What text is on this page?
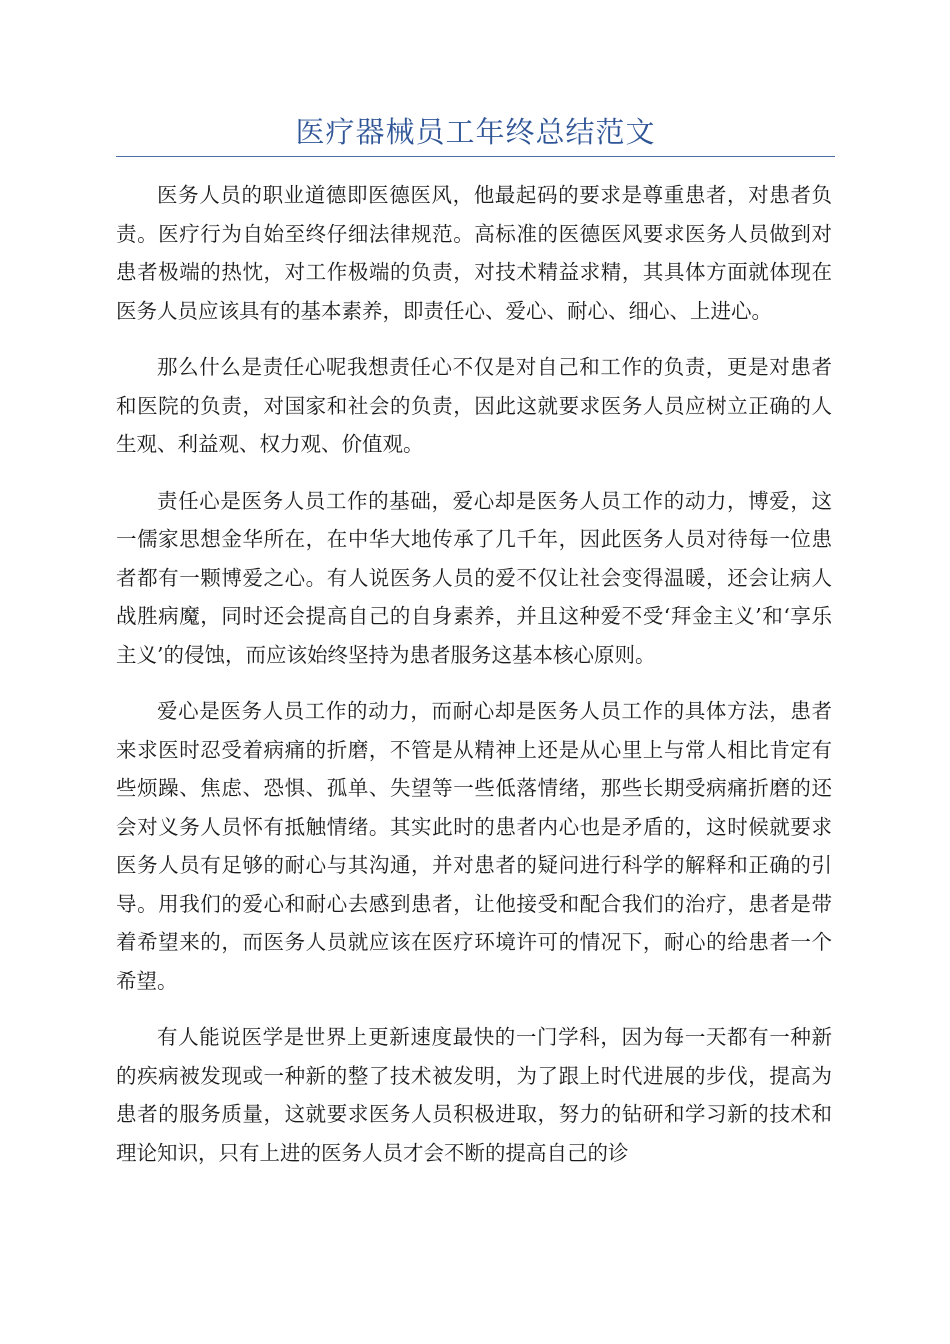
医疗器械员工年终总结范文

医务人员的职业道德即医德医风，他最起码的要求是尊重患者，对患者负责。医疗行为自始至终仔细法律规范。高标准的医德医风要求医务人员做到对患者极端的热忱，对工作极端的负责，对技术精益求精，其具体方面就体现在医务人员应该具有的基本素养，即责任心、爱心、耐心、细心、上进心。

那么什么是责任心呢我想责任心不仅是对自己和工作的负责，更是对患者和医院的负责，对国家和社会的负责，因此这就要求医务人员应树立正确的人生观、利益观、权力观、价值观。

责任心是医务人员工作的基础，爱心却是医务人员工作的动力，博爱，这一儒家思想金华所在，在中华大地传承了几千年，因此医务人员对待每一位患者都有一颗博爱之心。有人说医务人员的爱不仅让社会变得温暖，还会让病人战胜病魔，同时还会提高自己的自身素养，并且这种爱不受‘拜金主义’和‘享乐主义’的侵蚀，而应该始终坚持为患者服务这基本核心原则。

爱心是医务人员工作的动力，而耐心却是医务人员工作的具体方法，患者来求医时忍受着病痛的折磨，不管是从精神上还是从心里上与常人相比肯定有些烦躁、焦虑、恐惧、孤单、失望等一些低落情绪，那些长期受病痛折磨的还会对义务人员怀有抵触情绪。其实此时的患者内心也是矛盾的，这时候就要求医务人员有足够的耐心与其沟通，并对患者的疑问进行科学的解释和正确的引导。用我们的爱心和耐心去感到患者，让他接受和配合我们的治疗，患者是带着希望来的，而医务人员就应该在医疗环境许可的情况下，耐心的给患者一个希望。

有人能说医学是世界上更新速度最快的一门学科，因为每一天都有一种新的疾病被发现或一种新的整了技术被发明，为了跟上时代进展的步伐，提高为患者的服务质量，这就要求医务人员积极进取，努力的钻研和学习新的技术和理论知识，只有上进的医务人员才会不断的提高自己的诊
